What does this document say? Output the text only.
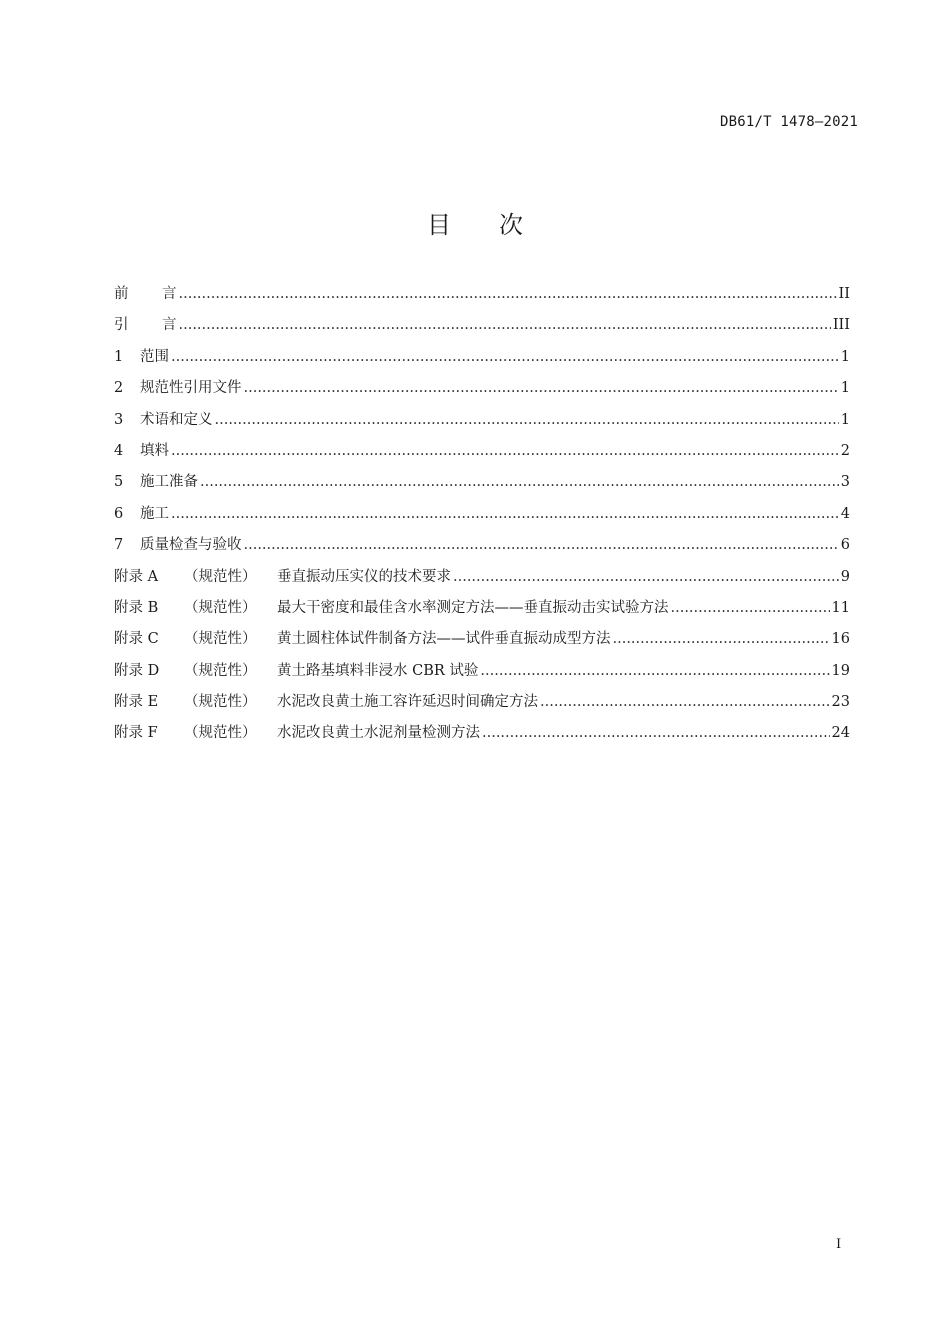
DB61/T 1478—2021
目 次
前	言 .....	II
引	言 .....	III
1	范围 .....	1
2	规范性引用文件 .....	1
3	术语和定义 .....	1
4	填料 .....	2
5	施工准备 .....	3
6	施工 .....	4
7	质量检查与验收 .....	6
附录 A	（规范性）	垂直振动压实仪的技术要求 .....	9
附录 B	（规范性）	最大干密度和最佳含水率测定方法——垂直振动击实试验方法 .....	11
附录 C	（规范性）	黄土圆柱体试件制备方法——试件垂直振动成型方法 .....	16
附录 D	（规范性）	黄土路基填料非浸水 CBR 试验 .....	19
附录 E	（规范性）	水泥改良黄土施工容许延迟时间确定方法 .....	23
附录 F	（规范性）	水泥改良黄土水泥剂量检测方法 .....	24
I
